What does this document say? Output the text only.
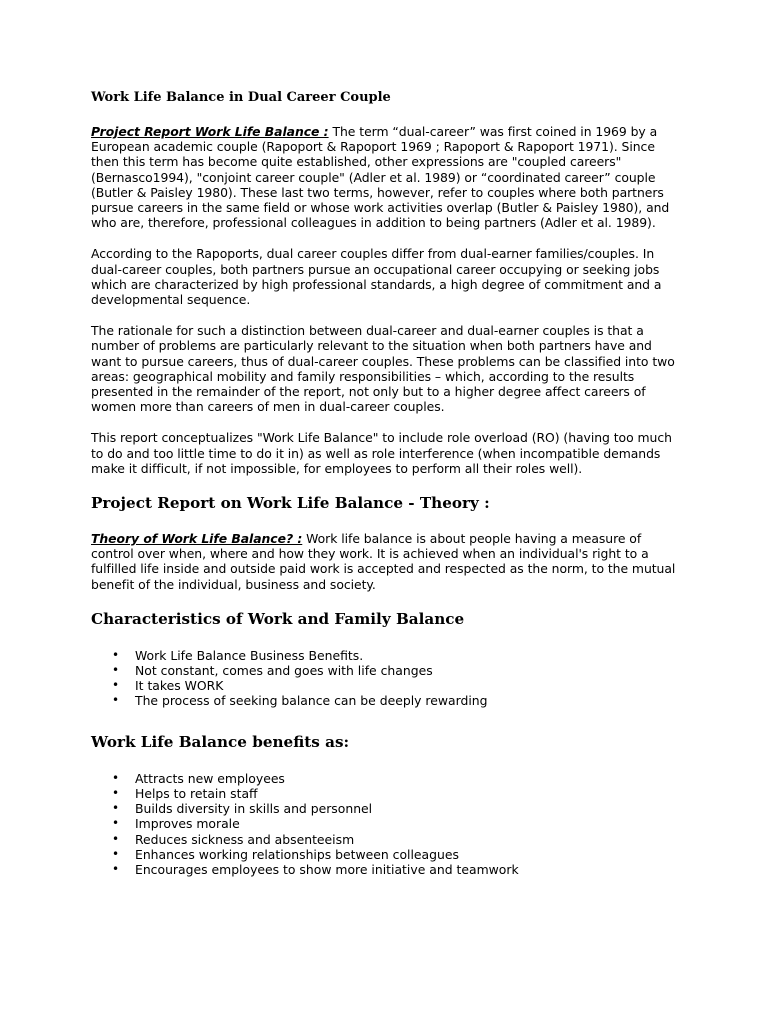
Work Life Balance in Dual Career Couple

Project Report Work Life Balance : The term “dual-career” was first coined in 1969 by a European academic couple (Rapoport & Rapoport 1969 ; Rapoport & Rapoport 1971). Since then this term has become quite established, other expressions are "coupled careers" (Bernasco1994), "conjoint career couple" (Adler et al. 1989) or “coordinated career” couple (Butler & Paisley 1980). These last two terms, however, refer to couples where both partners pursue careers in the same field or whose work activities overlap (Butler & Paisley 1980), and who are, therefore, professional colleagues in addition to being partners (Adler et al. 1989).

According to the Rapoports, dual career couples differ from dual-earner families/couples. In dual-career couples, both partners pursue an occupational career occupying or seeking jobs which are characterized by high professional standards, a high degree of commitment and a developmental sequence.

The rationale for such a distinction between dual-career and dual-earner couples is that a number of problems are particularly relevant to the situation when both partners have and want to pursue careers, thus of dual-career couples. These problems can be classified into two areas: geographical mobility and family responsibilities – which, according to the results presented in the remainder of the report, not only but to a higher degree affect careers of women more than careers of men in dual-career couples.

This report conceptualizes "Work Life Balance" to include role overload (RO) (having too much to do and too little time to do it in) as well as role interference (when incompatible demands make it difficult, if not impossible, for employees to perform all their roles well).

Project Report on Work Life Balance - Theory :

Theory of Work Life Balance? : Work life balance is about people having a measure of control over when, where and how they work. It is achieved when an individual's right to a fulfilled life inside and outside paid work is accepted and respected as the norm, to the mutual benefit of the individual, business and society.

Characteristics of Work and Family Balance
• Work Life Balance Business Benefits.
• Not constant, comes and goes with life changes
• It takes WORK
• The process of seeking balance can be deeply rewarding
Work Life Balance benefits as:
• Attracts new employees
• Helps to retain staff
• Builds diversity in skills and personnel
• Improves morale
• Reduces sickness and absenteeism
• Enhances working relationships between colleagues
• Encourages employees to show more initiative and teamwork
